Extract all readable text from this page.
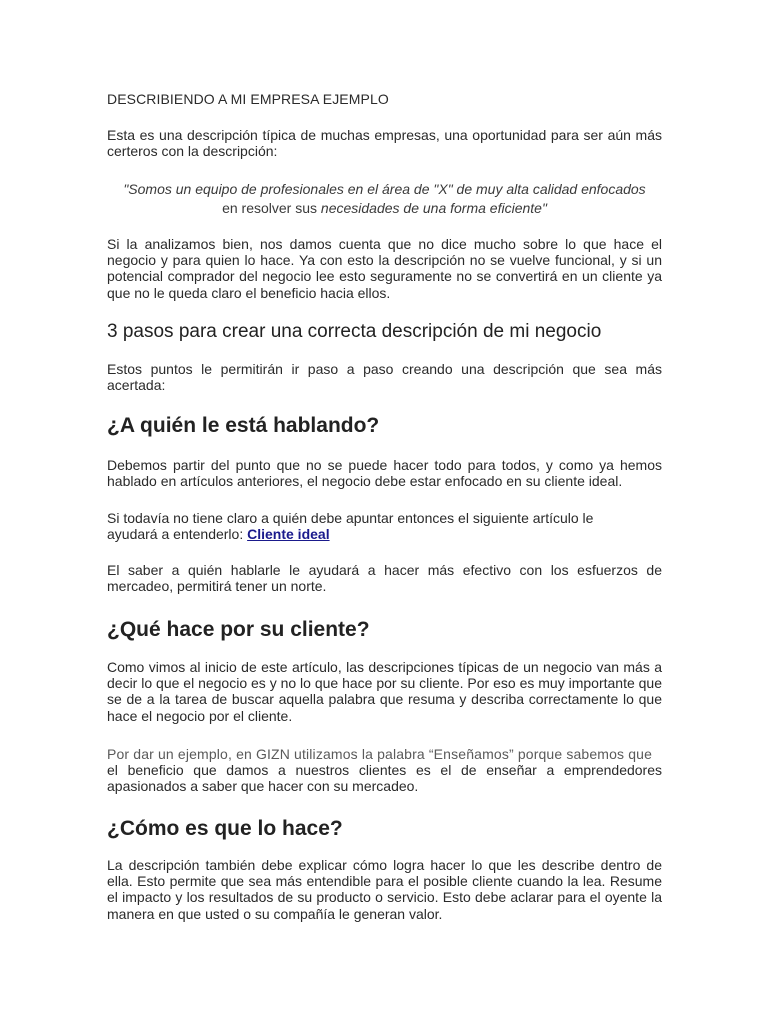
DESCRIBIENDO A MI EMPRESA EJEMPLO

Esta es una descripción típica de muchas empresas, una oportunidad para ser aún más certeros con la descripción:

"Somos un equipo de profesionales en el área de "X" de muy alta calidad enfocados
en resolver sus necesidades de una forma eficiente"

Si la analizamos bien, nos damos cuenta que no dice mucho sobre lo que hace el negocio y para quien lo hace. Ya con esto la descripción no se vuelve funcional, y si un potencial comprador del negocio lee esto seguramente no se convertirá en un cliente ya que no le queda claro el beneficio hacia ellos.

3 pasos para crear una correcta descripción de mi negocio

Estos puntos le permitirán ir paso a paso creando una descripción que sea más acertada:

¿A quién le está hablando?

Debemos partir del punto que no se puede hacer todo para todos, y como ya hemos hablado en artículos anteriores, el negocio debe estar enfocado en su cliente ideal.

Si todavía no tiene claro a quién debe apuntar entonces el siguiente artículo le ayudará a entenderlo: Cliente ideal

El saber a quién hablarle le ayudará a hacer más efectivo con los esfuerzos de mercadeo, permitirá tener un norte.

¿Qué hace por su cliente?

Como vimos al inicio de este artículo, las descripciones típicas de un negocio van más a decir lo que el negocio es y no lo que hace por su cliente. Por eso es muy importante que se de a la tarea de buscar aquella palabra que resuma y describa correctamente lo que hace el negocio por el cliente.

Por dar un ejemplo, en GIZN utilizamos la palabra “Enseñamos” porque sabemos que
el beneficio que damos a nuestros clientes es el de enseñar a emprendedores apasionados a saber que hacer con su mercadeo.

¿Cómo es que lo hace?

La descripción también debe explicar cómo logra hacer lo que les describe dentro de ella. Esto permite que sea más entendible para el posible cliente cuando la lea. Resume el impacto y los resultados de su producto o servicio. Esto debe aclarar para el oyente la manera en que usted o su compañía le generan valor.
